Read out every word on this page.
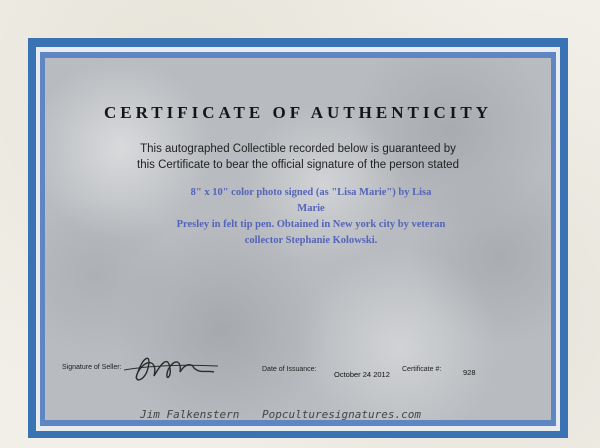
CERTIFICATE OF AUTHENTICITY
This autographed Collectible recorded below is guaranteed by
this Certificate to bear the official signature of the person stated
8" x 10" color photo signed (as "Lisa Marie") by Lisa Marie
Presley in felt tip pen. Obtained in New york city by veteran
collector Stephanie Kolowski.
Signature of Seller:	Date of Issuance:
October 24 2012
Certificate #:	928
Jim Falkenstern Popculturesignatures.com
